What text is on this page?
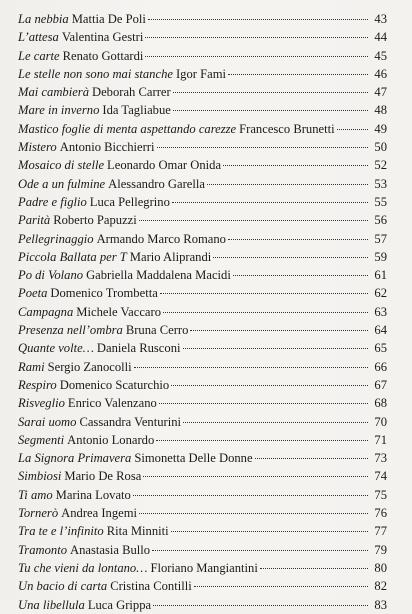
La nebbia Mattia De Poli	43
L’attesa Valentina Gestri	44
Le carte Renato Gottardi	45
Le stelle non sono mai stanche Igor Fami	46
Mai cambierà Deborah Carrer	47
Mare in inverno Ida Tagliabue	48
Mastico foglie di menta aspettando carezze Francesco Brunetti	49
Mistero Antonio Bicchierri	50
Mosaico di stelle Leonardo Omar Onida	52
Ode a un fulmine Alessandro Garella	53
Padre e figlio Luca Pellegrino	55
Parità Roberto Papuzzi	56
Pellegrinaggio Armando Marco Romano	57
Piccola Ballata per T Mario Aliprandi	59
Po di Volano Gabriella Maddalena Macidi	61
Poeta Domenico Trombetta	62
Campagna Michele Vaccaro	63
Presenza nell’ombra Bruna Cerro	64
Quante volte… Daniela Rusconi	65
Rami Sergio Zanocolli	66
Respiro Domenico Scaturchio	67
Risveglio Enrico Valenzano	68
Sarai uomo Cassandra Venturini	70
Segmenti Antonio Lonardo	71
La Signora Primavera Simonetta Delle Donne	73
Simbiosi Mario De Rosa	74
Ti amo Marina Lovato	75
Tornerò Andrea Ingemi	76
Tra te e l’infinito Rita Minniti	77
Tramonto Anastasia Bullo	79
Tu che vieni da lontano… Floriano Mangiantini	80
Un bacio di carta Cristina Contilli	82
Una libellula Luca Grippa	83
